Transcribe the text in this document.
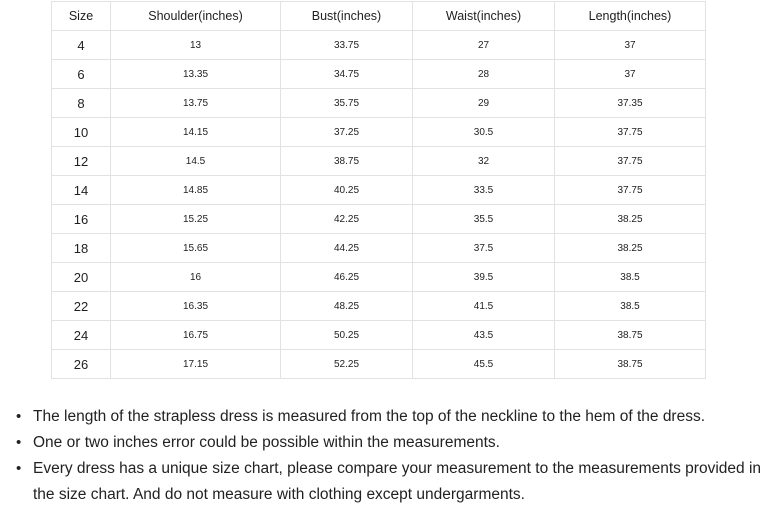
Size	Shoulder(inches)	Bust(inches)	Waist(inches)	Length(inches)
4	13	33.75	27	37
6	13.35	34.75	28	37
8	13.75	35.75	29	37.35
10	14.15	37.25	30.5	37.75
12	14.5	38.75	32	37.75
14	14.85	40.25	33.5	37.75
16	15.25	42.25	35.5	38.25
18	15.65	44.25	37.5	38.25
20	16	46.25	39.5	38.5
22	16.35	48.25	41.5	38.5
24	16.75	50.25	43.5	38.75
26	17.15	52.25	45.5	38.75
• The length of the strapless dress is measured from the top of the neckline to the hem of the dress.
• One or two inches error could be possible within the measurements.
• Every dress has a unique size chart, please compare your measurement to the measurements provided in the size chart. And do not measure with clothing except undergarments.
